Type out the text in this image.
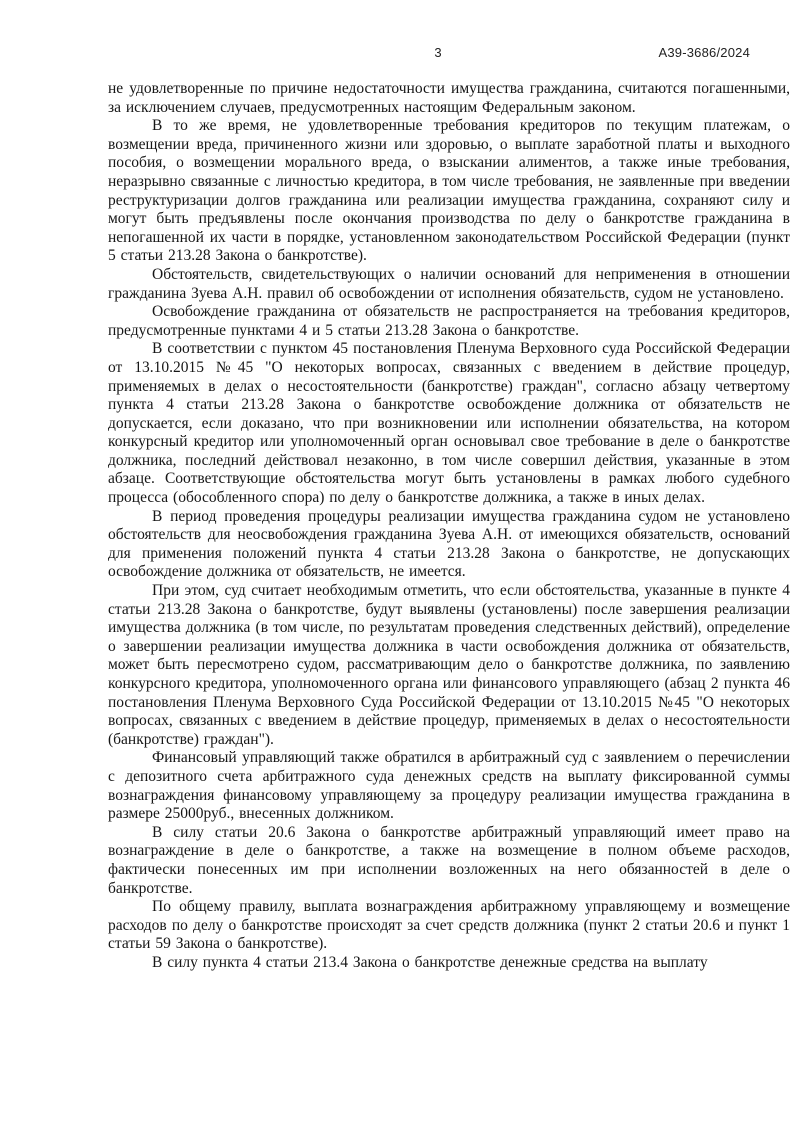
3	А39-3686/2024

не удовлетворенные по причине недостаточности имущества гражданина, считаются погашенными, за исключением случаев, предусмотренных настоящим Федеральным законом.

В то же время, не удовлетворенные требования кредиторов по текущим платежам, о возмещении вреда, причиненного жизни или здоровью, о выплате заработной платы и выходного пособия, о возмещении морального вреда, о взыскании алиментов, а также иные требования, неразрывно связанные с личностью кредитора, в том числе требования, не заявленные при введении реструктуризации долгов гражданина или реализации имущества гражданина, сохраняют силу и могут быть предъявлены после окончания производства по делу о банкротстве гражданина в непогашенной их части в порядке, установленном законодательством Российской Федерации (пункт 5 статьи 213.28 Закона о банкротстве).

Обстоятельств, свидетельствующих о наличии оснований для неприменения в отношении гражданина Зуева А.Н. правил об освобождении от исполнения обязательств, судом не установлено.

Освобождение гражданина от обязательств не распространяется на требования кредиторов, предусмотренные пунктами 4 и 5 статьи 213.28 Закона о банкротстве.

В соответствии с пунктом 45 постановления Пленума Верховного суда Российской Федерации от 13.10.2015 №45 "О некоторых вопросах, связанных с введением в действие процедур, применяемых в делах о несостоятельности (банкротстве) граждан", согласно абзацу четвертому пункта 4 статьи 213.28 Закона о банкротстве освобождение должника от обязательств не допускается, если доказано, что при возникновении или исполнении обязательства, на котором конкурсный кредитор или уполномоченный орган основывал свое требование в деле о банкротстве должника, последний действовал незаконно, в том числе совершил действия, указанные в этом абзаце. Соответствующие обстоятельства могут быть установлены в рамках любого судебного процесса (обособленного спора) по делу о банкротстве должника, а также в иных делах.

В период проведения процедуры реализации имущества гражданина судом не установлено обстоятельств для неосвобождения гражданина Зуева А.Н. от имеющихся обязательств, оснований для применения положений пункта 4 статьи 213.28 Закона о банкротстве, не допускающих освобождение должника от обязательств, не имеется.

При этом, суд считает необходимым отметить, что если обстоятельства, указанные в пункте 4 статьи 213.28 Закона о банкротстве, будут выявлены (установлены) после завершения реализации имущества должника (в том числе, по результатам проведения следственных действий), определение о завершении реализации имущества должника в части освобождения должника от обязательств, может быть пересмотрено судом, рассматривающим дело о банкротстве должника, по заявлению конкурсного кредитора, уполномоченного органа или финансового управляющего (абзац 2 пункта 46 постановления Пленума Верховного Суда Российской Федерации от 13.10.2015 №45 "О некоторых вопросах, связанных с введением в действие процедур, применяемых в делах о несостоятельности (банкротстве) граждан").

Финансовый управляющий также обратился в арбитражный суд с заявлением о перечислении с депозитного счета арбитражного суда денежных средств на выплату фиксированной суммы вознаграждения финансовому управляющему за процедуру реализации имущества гражданина в размере 25000руб., внесенных должником.

В силу статьи 20.6 Закона о банкротстве арбитражный управляющий имеет право на вознаграждение в деле о банкротстве, а также на возмещение в полном объеме расходов, фактически понесенных им при исполнении возложенных на него обязанностей в деле о банкротстве.

По общему правилу, выплата вознаграждения арбитражному управляющему и возмещение расходов по делу о банкротстве происходят за счет средств должника (пункт 2 статьи 20.6 и пункт 1 статьи 59 Закона о банкротстве).

В силу пункта 4 статьи 213.4 Закона о банкротстве денежные средства на выплату
